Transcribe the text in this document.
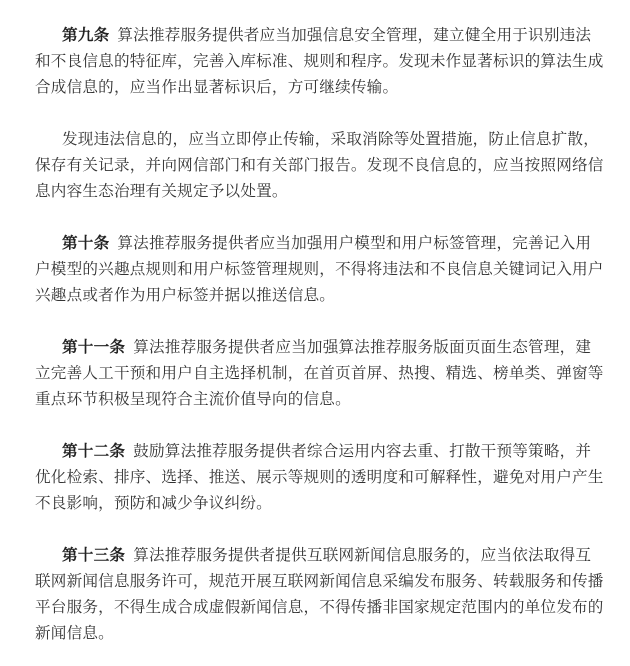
第九条 算法推荐服务提供者应当加强信息安全管理，建立健全用于识别违法
和不良信息的特征库，完善入库标准、规则和程序。发现未作显著标识的算法生成
合成信息的，应当作出显著标识后，方可继续传输。
发现违法信息的，应当立即停止传输，采取消除等处置措施，防止信息扩散，
保存有关记录，并向网信部门和有关部门报告。发现不良信息的，应当按照网络信
息内容生态治理有关规定予以处置。
第十条 算法推荐服务提供者应当加强用户模型和用户标签管理，完善记入用
户模型的兴趣点规则和用户标签管理规则，不得将违法和不良信息关键词记入用户
兴趣点或者作为用户标签并据以推送信息。
第十一条 算法推荐服务提供者应当加强算法推荐服务版面页面生态管理，建
立完善人工干预和用户自主选择机制，在首页首屏、热搜、精选、榜单类、弹窗等
重点环节积极呈现符合主流价值导向的信息。
第十二条 鼓励算法推荐服务提供者综合运用内容去重、打散干预等策略，并
优化检索、排序、选择、推送、展示等规则的透明度和可解释性，避免对用户产生
不良影响，预防和减少争议纠纷。
第十三条 算法推荐服务提供者提供互联网新闻信息服务的，应当依法取得互
联网新闻信息服务许可，规范开展互联网新闻信息采编发布服务、转载服务和传播
平台服务，不得生成合成虚假新闻信息，不得传播非国家规定范围内的单位发布的
新闻信息。
